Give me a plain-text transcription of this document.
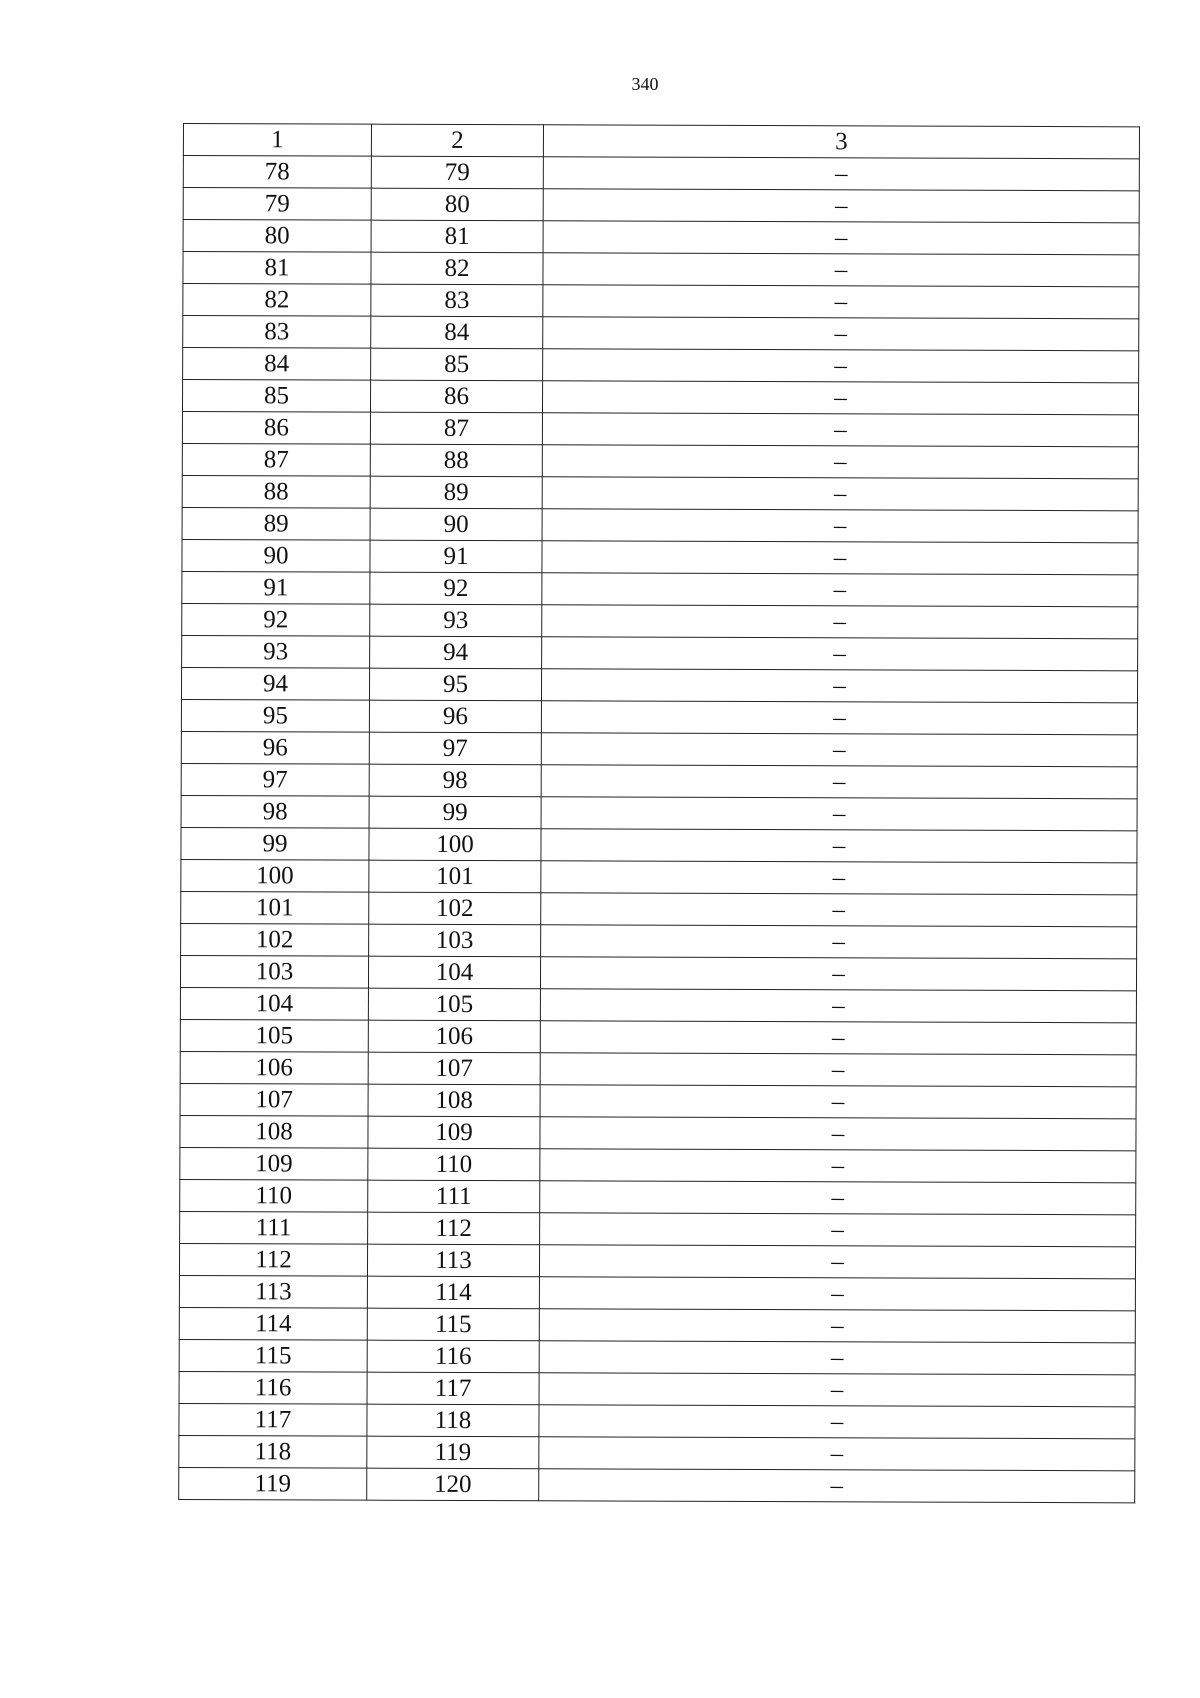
340
1	2	3
78	79	–
79	80	–
80	81	–
81	82	–
82	83	–
83	84	–
84	85	–
85	86	–
86	87	–
87	88	–
88	89	–
89	90	–
90	91	–
91	92	–
92	93	–
93	94	–
94	95	–
95	96	–
96	97	–
97	98	–
98	99	–
99	100	–
100	101	–
101	102	–
102	103	–
103	104	–
104	105	–
105	106	–
106	107	–
107	108	–
108	109	–
109	110	–
110	111	–
111	112	–
112	113	–
113	114	–
114	115	–
115	116	–
116	117	–
117	118	–
118	119	–
119	120	–
